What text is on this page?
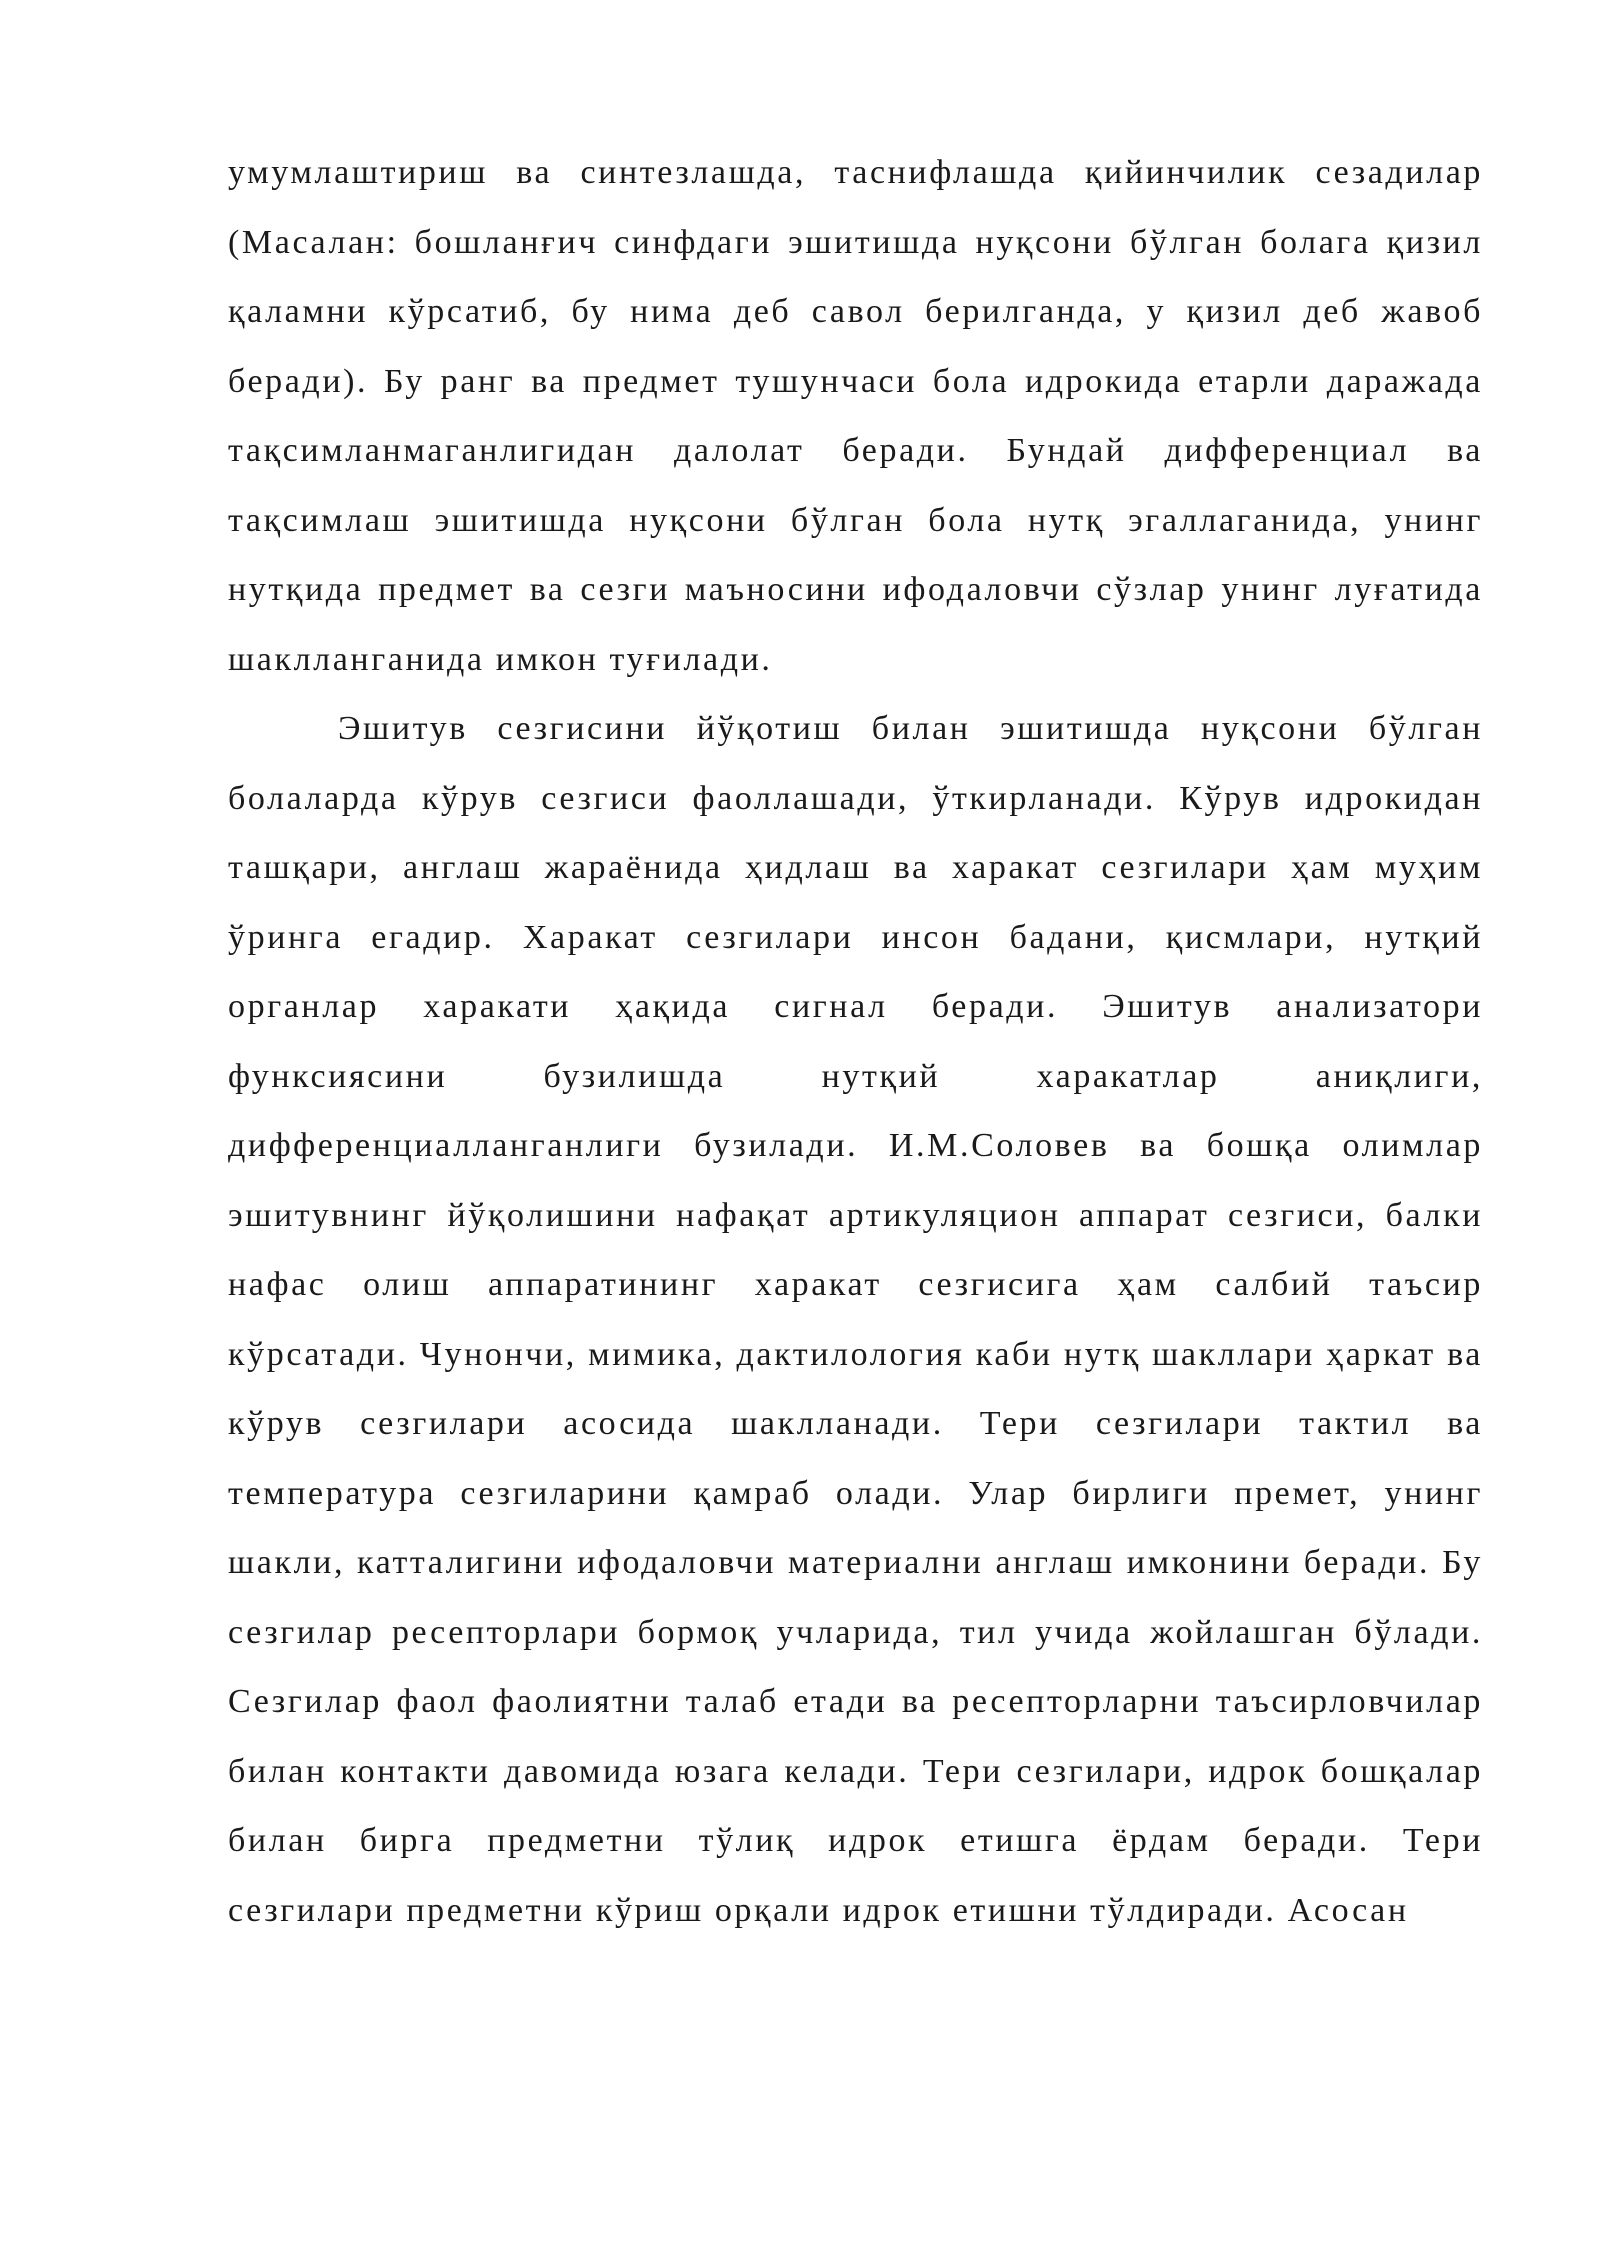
умумлаштириш ва синтезлашда, таснифлашда қийинчилик сезадилар (Масалан: бошланғич синфдаги эшитишда нуқсони бўлган болага қизил қаламни кўрсатиб, бу нима деб савол берилганда, у қизил деб жавоб беради). Бу ранг ва предмет тушунчаси бола идрокида етарли даражада тақсимланмаганлигидан далолат беради. Бундай дифференциал ва тақсимлаш эшитишда нуқсони бўлган бола нутқ эгаллаганида, унинг нутқида предмет ва сезги маъносини ифодаловчи сўзлар унинг луғатида шаклланганида имкон туғилади.

Эшитув сезгисини йўқотиш билан эшитишда нуқсони бўлган болаларда кўрув сезгиси фаоллашади, ўткирланади. Кўрув идрокидан ташқари, англаш жараёнида ҳидлаш ва харакат сезгилари ҳам муҳим ўринга егадир. Харакат сезгилари инсон бадани, қисмлари, нутқий органлар харакати ҳақида сигнал беради. Эшитув анализатори функсиясини бузилишда нутқий харакатлар аниқлиги, дифференциалланганлиги бузилади. И.М.Соловев ва бошқа олимлар эшитувнинг йўқолишини нафақат артикуляцион аппарат сезгиси, балки нафас олиш аппаратининг харакат сезгисига ҳам салбий таъсир кўрсатади. Чунончи, мимика, дактилология каби нутқ шакллари ҳаркат ва кўрув сезгилари асосида шаклланади. Тери сезгилари тактил ва температура сезгиларини қамраб олади. Улар бирлиги премет, унинг шакли, катталигини ифодаловчи материални англаш имконини беради. Бу сезгилар ресепторлари бормоқ учларида, тил учида жойлашган бўлади. Сезгилар фаол фаолиятни талаб етади ва ресепторларни таъсирловчилар билан контакти давомида юзага келади. Тери сезгилари, идрок бошқалар билан бирга предметни тўлиқ идрок етишга ёрдам беради. Тери сезгилари предметни кўриш орқали идрок етишни тўлдиради. Асосан
